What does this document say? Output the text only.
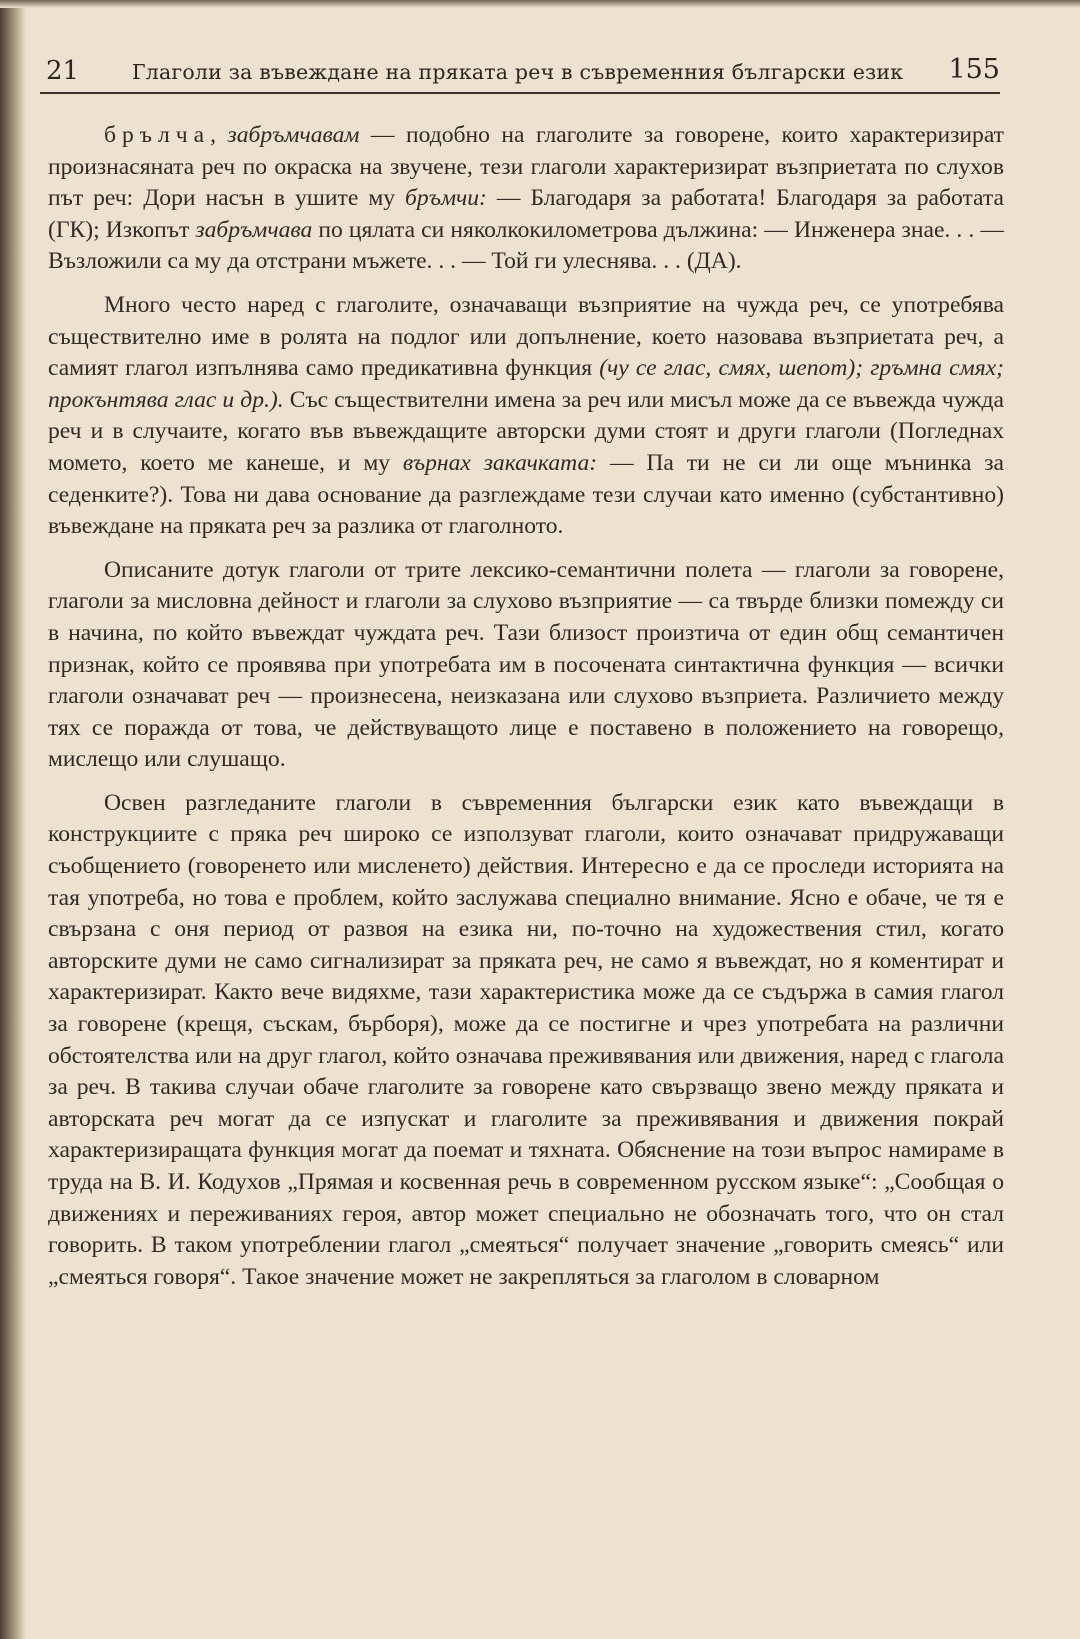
21	Глаголи за въвеждане на пряката реч в съвременния български език 155

брълча, забръмчавам — подобно на глаголите за говорене, които характеризират произнасяната реч по окраска на звучене, тези глаголи характеризират възприетата по слухов път реч: Дори насън в ушите му бръмчи: — Благодаря за работата! Благодаря за работата (ГК); Изкопът забръмчава по цялата си няколкокилометрова дължина: — Инженера знае. . . — Възложили са му да отстрани мъжете. . . — Той ги улеснява. . . (ДА).

Много често наред с глаголите, означаващи възприятие на чужда реч, се употребява съществително име в ролята на подлог или допълнение, което назовава възприетата реч, а самият глагол изпълнява само предикативна функция (чу се глас, смях, шепот); гръмна смях; прокънтява глас и др.). Със съществителни имена за реч или мисъл може да се въвежда чужда реч и в случаите, когато във въвеждащите авторски думи стоят и други глаголи (Погледнах момето, което ме канеше, и му върнах закачката: — Па ти не си ли още мънинка за седенките?). Това ни дава основание да разглеждаме тези случаи като именно (субстантивно) въвеждане на пряката реч за разлика от глаголното.

Описаните дотук глаголи от трите лексико-семантични полета — глаголи за говорене, глаголи за мисловна дейност и глаголи за слухово възприятие — са твърде близки помежду си в начина, по който въвеждат чуждата реч. Тази близост произтича от един общ семантичен признак, който се проявява при употребата им в посочената синтактична функция — всички глаголи означават реч — произнесена, неизказана или слухово възприета. Различието между тях се поражда от това, че действуващото лице е поставено в положението на говорещо, мислещо или слушащо.

Освен разгледаните глаголи в съвременния български език като въвеждащи в конструкциите с пряка реч широко се използуват глаголи, които означават придружаващи съобщението (говоренето или мисленето) действия. Интересно е да се проследи историята на тая употреба, но това е проблем, който заслужава специално внимание. Ясно е обаче, че тя е свързана с оня период от развоя на езика ни, по-точно на художествения стил, когато авторските думи не само сигнализират за пряката реч, не само я въвеждат, но я коментират и характеризират. Както вече видяхме, тази характеристика може да се съдържа в самия глагол за говорене (крещя, съскам, бърборя), може да се постигне и чрез употребата на различни обстоятелства или на друг глагол, който означава преживявания или движения, наред с глагола за реч. В такива случаи обаче глаголите за говорене като свързващо звено между пряката и авторската реч могат да се изпускат и глаголите за преживявания и движения покрай характеризиращата функция могат да поемат и тяхната. Обяснение на този въпрос намираме в труда на В. И. Кодухов „Прямая и косвенная речь в современном русском языке“: „Сообщая о движениях и переживаниях героя, автор может специально не обозначать того, что он стал говорить. В таком употреблении глагол „смеяться“ получает значение „говорить смеясь“ или „смеяться говоря“. Такое значение может не закрепляться за глаголом в словарном
